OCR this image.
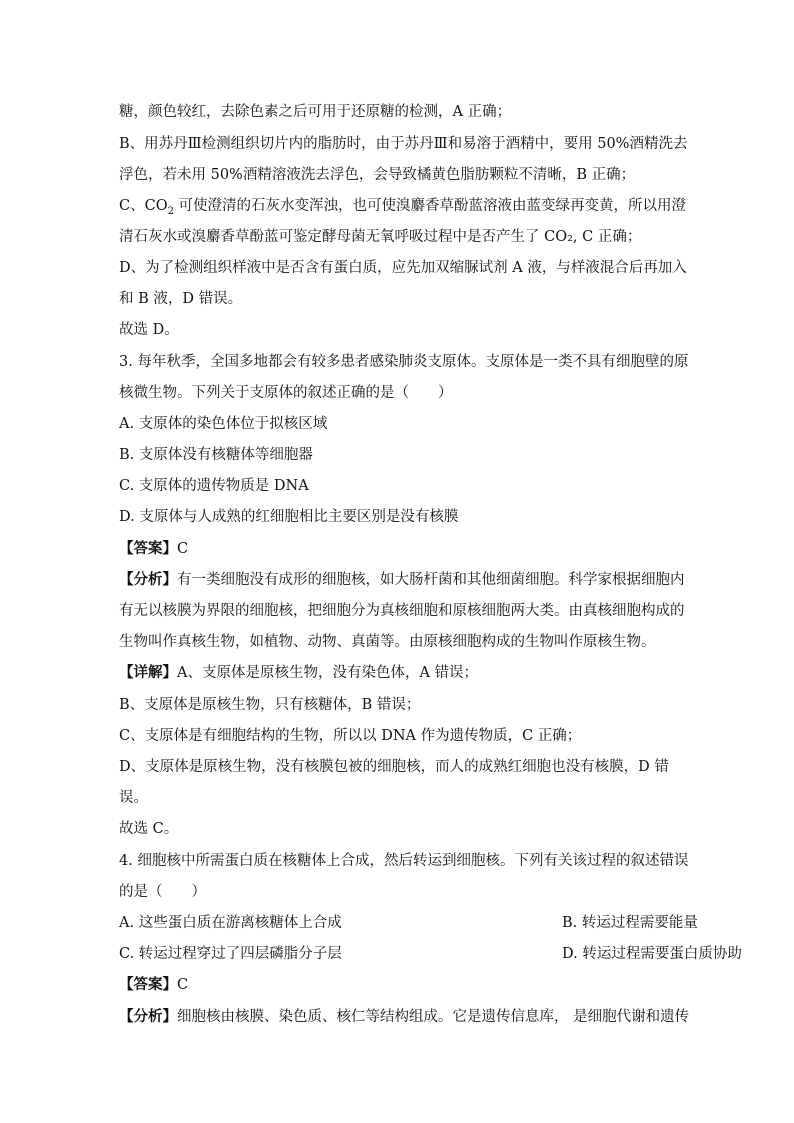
糖，颜色较红，去除色素之后可用于还原糖的检测，A 正确；
B、用苏丹Ⅲ检测组织切片内的脂肪时，由于苏丹Ⅲ和易溶于酒精中，要用 50%酒精洗去
浮色，若未用 50%酒精溶液洗去浮色，会导致橘黄色脂肪颗粒不清晰，B 正确；
C、$CO_2$ 可使澄清的石灰水变浑浊，也可使溴麝香草酚蓝溶液由蓝变绿再变黄，所以用澄
清石灰水或溴麝香草酚蓝可鉴定酵母菌无氧呼吸过程中是否产生了 CO₂, C 正确；
D、为了检测组织样液中是否含有蛋白质，应先加双缩脲试剂 A 液，与样液混合后再加入
和 B 液，D 错误。
故选 D。
3. 每年秋季，全国多地都会有较多患者感染肺炎支原体。支原体是一类不具有细胞壁的原
核微生物。下列关于支原体的叙述正确的是（　　）
A. 支原体的染色体位于拟核区域
B. 支原体没有核糖体等细胞器
C. 支原体的遗传物质是 DNA
D. 支原体与人成熟的红细胞相比主要区别是没有核膜
【答案】C
【分析】有一类细胞没有成形的细胞核，如大肠杆菌和其他细菌细胞。科学家根据细胞内
有无以核膜为界限的细胞核，把细胞分为真核细胞和原核细胞两大类。由真核细胞构成的
生物叫作真核生物，如植物、动物、真菌等。由原核细胞构成的生物叫作原核生物。
【详解】A、支原体是原核生物，没有染色体，A 错误；
B、支原体是原核生物，只有核糖体，B 错误；
C、支原体是有细胞结构的生物，所以以 DNA 作为遗传物质，C 正确；
D、支原体是原核生物，没有核膜包被的细胞核，而人的成熟红细胞也没有核膜，D 错
误。
故选 C。
4. 细胞核中所需蛋白质在核糖体上合成，然后转运到细胞核。下列有关该过程的叙述错误
的是（　　）
A. 这些蛋白质在游离核糖体上合成	B. 转运过程需要能量
C. 转运过程穿过了四层磷脂分子层	D. 转运过程需要蛋白质协助
【答案】C
【分析】细胞核由核膜、染色质、核仁等结构组成。它是遗传信息库， 是细胞代谢和遗传
